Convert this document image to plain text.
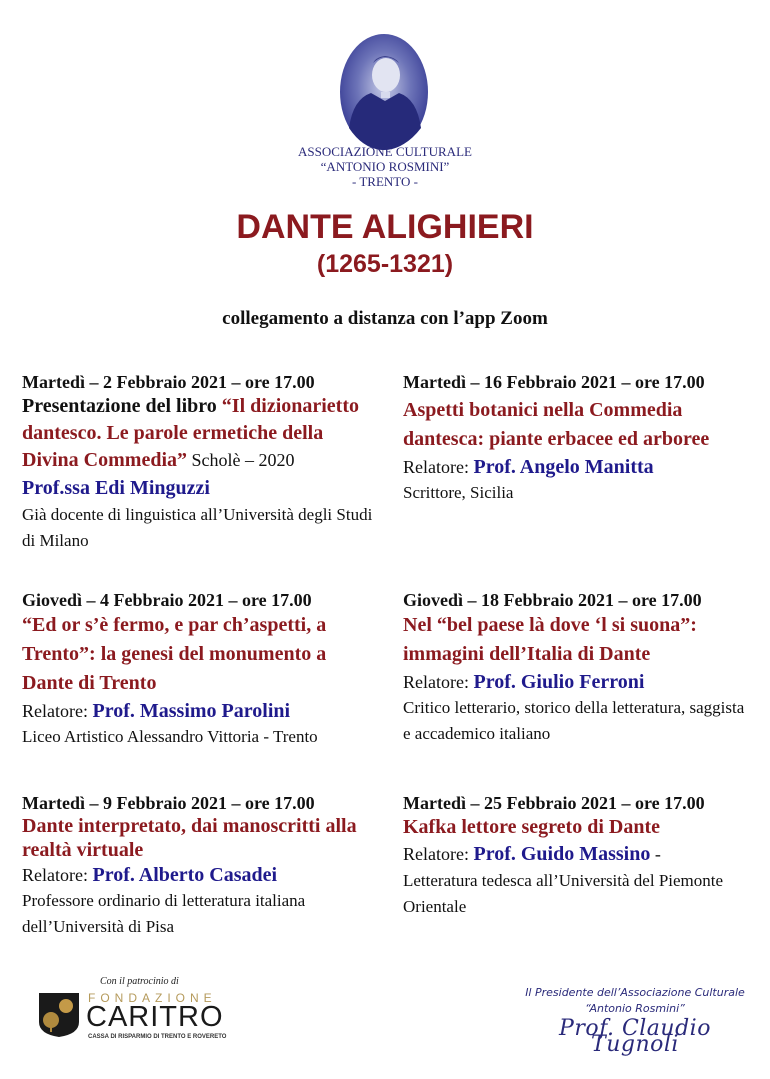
ASSOCIAZIONE CULTURALE
“ANTONIO ROSMINI”
- TRENTO -
DANTE ALIGHIERI
(1265-1321)
collegamento a distanza con l’app Zoom
Martedì – 2 Febbraio 2021 – ore 17.00
Presentazione del libro “Il dizionarietto dantesco. Le parole ermetiche della Divina Commedia” Scholè – 2020
Prof.ssa Edi Minguzzi
Già docente di linguistica all’Università degli Studi di Milano
Martedì – 16 Febbraio 2021 – ore 17.00
Aspetti botanici nella Commedia dantesca: piante erbacee ed arboree
Relatore: Prof. Angelo Manitta
Scrittore, Sicilia
Giovedì – 4 Febbraio 2021 – ore 17.00
“Ed or s’è fermo, e par ch’aspetti, a Trento”: la genesi del monumento a Dante di Trento
Relatore: Prof. Massimo Parolini
Liceo Artistico Alessandro Vittoria - Trento
Giovedì – 18 Febbraio 2021 – ore 17.00
Nel “bel paese là dove ‘l si suona”: immagini dell’Italia di Dante
Relatore: Prof. Giulio Ferroni
Critico letterario, storico della letteratura, saggista e accademico italiano
Martedì – 9 Febbraio 2021 – ore 17.00
Dante interpretato, dai manoscritti alla realtà virtuale
Relatore: Prof. Alberto Casadei
Professore ordinario di letteratura italiana dell’Università di Pisa
Martedì – 25 Febbraio 2021 – ore 17.00
Kafka lettore segreto di Dante
Relatore: Prof. Guido Massino -
Letteratura tedesca all’Università del Piemonte Orientale
Con il patrocinio di
FONDAZIONE
CARITRO
CASSA DI RISPARMIO DI TRENTO E ROVERETO
Il Presidente dell’Associazione Culturale
“Antonio Rosmini”
Prof. Claudio Tugnoli
